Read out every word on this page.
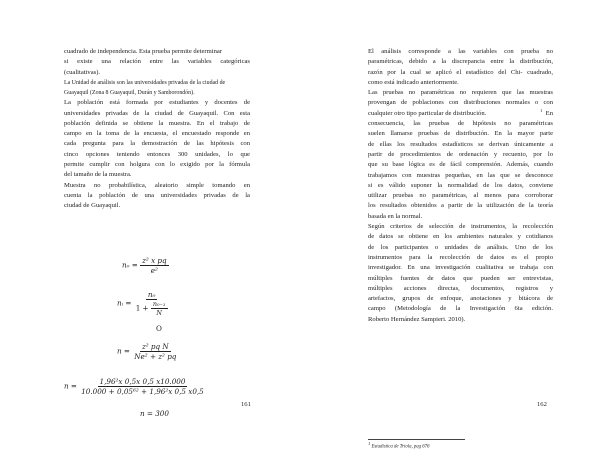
cuadrado de independencia. Esta prueba permite determinar

si existe una relación entre las variables categóricas

(cualitativas).

La Unidad de análisis son las universidades privadas de la ciudad de

Guayaquil (Zona 8 Guayaquil, Durán y Samborondón).

La población está formada por estudiantes y docentes de

universidades privadas de la ciudad de Guayaquil. Con esta

población definida se obtiene la muestra. En el trabajo de

campo en la toma de la encuesta, el encuestado responde en

cada pregunta para la demostración de las hipótesis con

cinco opciones teniendo entonces 300 unidades, lo que

permite cumplir con holgura con lo exigido por la fórmula

del tamaño de la muestra.

Muestra no probabilística, aleatorio simple tomando en

cuenta la población de una universidades privadas de la

ciudad de Guayaquil.

$n_0 = \frac{\text{z² x pq}}{\text{e²}}$
nᵢ = $\frac{\text{n₀}}{1 + \frac{\text{n₀₋₁}}{N}}$
O
$n = \frac{\text{z² pq N}}{\text{Ne² + z² pq}}$
$n = \frac{\text{1,96²x 0,5x 0,5 x10.000}}{\text{10.000 + 0,05⁶² + 1,96²x 0,5 x0,5}}$
n = 300
161

El análisis corresponde a las variables con prueba no

paramétricas, debido a la discrepancia entre la distribución,

razón por la cual se aplicó el estadístico del Chi- cuadrado,

como está indicado anteriormente.

Las pruebas no paramétricas no requieren que las muestras

provengan de poblaciones con distribuciones normales o con

cualquier otro tipo particular de distribución.	$^1$ En

consecuencia, las pruebas de hipótesis no paramétricas

suelen llamarse pruebas de distribución. En la mayor parte

de ellas los resultados estadísticos se derivan únicamente a

partir de procedimientos de ordenación y recuento, por lo

que su base lógica es de fácil comprensión. Además, cuando

trabajamos con muestras pequeñas, en las que se desconoce

si es válido suponer la normalidad de los datos, conviene

utilizar pruebas no paramétricas, al menos para corroborar

los resultados obtenidos a partir de la utilización de la teoría

basada en la normal.

Según criterios de selección de instrumentos, la recolección

de datos se obtiene en los ambientes naturales y cotidianos

de los participantes o unidades de análisis. Uno de los

instrumentos para la recolección de datos es el propio

investigador. En una investigación cualitativa se trabaja con

múltiples fuentes de datos que pueden ser entrevistas,

múltiples acciones directas, documentos, registros y

artefactos, grupos de enfoque, anotaciones y bitácora de

campo (Metodología de la Investigación 6ta edición.

Roberto Hernández Sampieri. 2010).

$^1$ Estadística de Triola, pag 676
162
